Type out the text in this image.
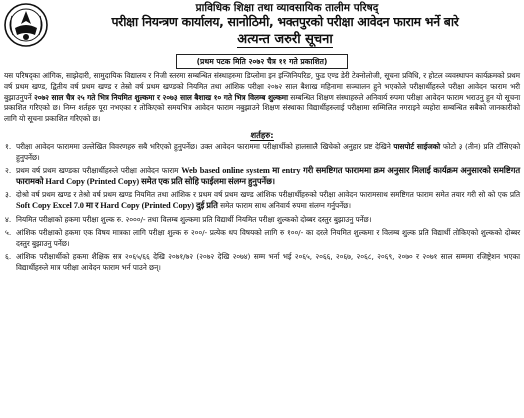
प्राविधिक शिक्षा तथा व्यावसायिक तालीम परिषद्
परीक्षा नियन्त्रण कार्यालय, सानोठिमी, भक्तपुरको परीक्षा आवेदन फाराम भर्ने बारे
अत्यन्त जरुरी सूचना
(प्रथम पटक मिति २०७२ चैत्र ११ गते प्रकाशित)
यस परिषद्का आंगिक, साझेदारी, सामुदायिक विद्यालय र निजी स्तरमा सम्बन्धित संस्थाहरुमा डिप्लोमा इन इन्जिनियरिङ, फुड एण्ड डेरी टेक्नोलोजी, सूचना प्रविधि, र होटल व्यवस्थापन कार्यक्रमको प्रथम वर्ष प्रथम खण्ड, द्वितीय वर्ष प्रथम खण्ड र तेस्रो वर्ष प्रथम खण्डको नियमित तथा आंशिक परीक्षा २०७२ साल बैशाख महिनामा सञ्चालन हुने भएकोले परीक्षार्थीहरुले परीक्षा आवेदन फाराम भरी बुझाउनुपर्ने २०७२ साल चैत्र २५ गते भित्र नियमित शुल्कमा र २०७३ साल बैशाख १० गते भित्र विलम्ब शुल्कमा सम्बन्धित शिक्षण संस्थाहरुले अनिवार्य रुपमा परीक्षा आवेदन फाराम भराउनु हुन यो सूचना प्रकाशित गरिएको छ। निम्न शर्तहरु पूरा नभएका र तोकिएको समयभित्र आवेदन फाराम नबुझाउने शिक्षण संस्थाका विद्यार्थीहरुलाई परीक्षामा सम्मिलित नगराइने व्यहोरा सम्बन्धित सबैको जानकारीको लागि यो सूचना प्रकाशित गरिएको छ।
शर्तहरु:
१. परीक्षा आवेदन फाराममा उल्लेखित विवरणहरु सबै भरिएको हुनुपर्नेछ। उक्त आवेदन फाराममा परीक्षार्थीको हालसालै खिचेको अनुहार प्रष्ट देखिने पासपोर्ट साईजको फोटो ३ (तीन) प्रति टाँसिएको हुनुपर्नेछ।
२. प्रथम वर्ष प्रथम खण्डका परीक्षार्थीहरुले परीक्षा आवेदन फाराम Web based online system मा entry गरी समष्टिगत फाराममा क्रम अनुसार मिलाई कार्यक्रम अनुसारको समष्टिगत फारामको Hard Copy (Printed Copy) समेत एक प्रति सोहि फाईलमा संलग्न हुनुपर्नेछ।
३. दोश्रो वर्ष प्रथम खण्ड र तेश्रो वर्ष प्रथम खण्ड नियमित तथा आंशिक र प्रथम वर्ष प्रथम खण्ड आंशिक परीक्षार्थीहरुको परीक्षा आवेदन फारामसाथ समष्टिगत फाराम समेत तयार गरी सो को एक प्रति Soft Copy Excel 7.0 मा र Hard Copy (Printed Copy) दुई प्रति समेत फाराम साथ अनिवार्य रुपमा संलग्न गर्नुपर्नेछ।
४. नियमित परीक्षाको हकमा परीक्षा शुल्क रु. २०००/- तथा विलम्ब शुल्कमा प्रति विद्यार्थी नियमित परीक्षा शुल्कको दोब्बर दस्तुर बुझाउनु पर्नेछ।
५. आंशिक परीक्षाको हकमा एक विषय मात्रका लागि परीक्षा शुल्क रु २००/- प्रत्येक थप विषयको लागि रु १००/- का दरले नियमित शुल्कमा र विलम्ब शुल्क प्रति विद्यार्थी तोकिएको शुल्कको दोब्बर दस्तुर बुझाउनु पर्नेछ।
६. आंशिक परीक्षार्थीको हकमा शैक्षिक सत्र २०६५/६६ देखि २०७१/७२ (२०७२ देखि २०७४) सम्म भर्ना भई २०६५, २०६६, २०६७, २०६८, २०६९, २०७० र २०७१ साल सम्ममा रजिष्ट्रेशन भएका विद्यार्थीहरुले मात्र परीक्षा आवेदन फाराम भर्न पाउने छन्।
